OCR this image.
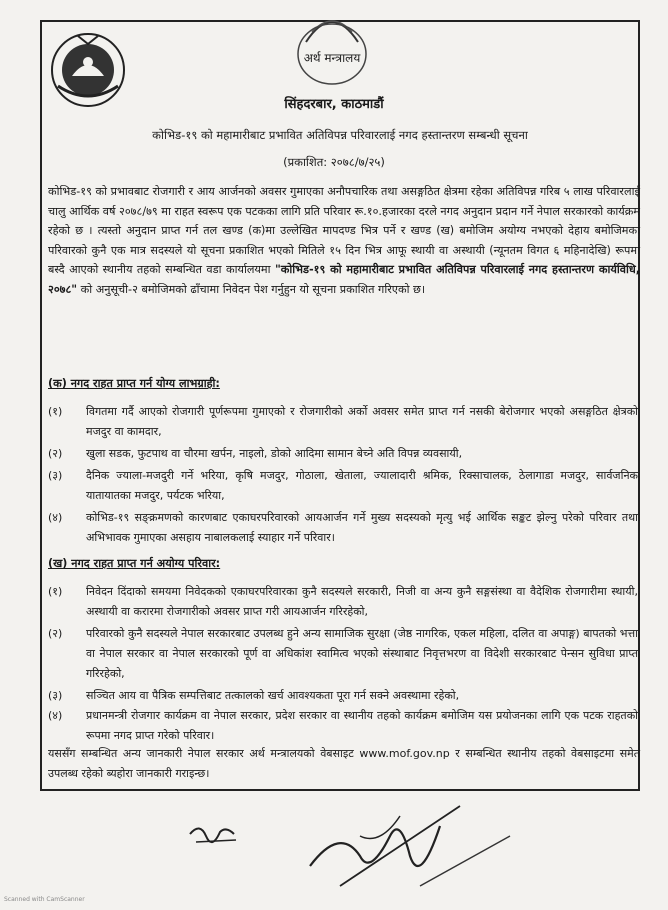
अर्थ मन्त्रालय
सिंहदरबार, काठमाडौं
कोभिड-१९ को महामारीबाट प्रभावित अतिविपन्न परिवारलाई नगद हस्तान्तरण सम्बन्धी सूचना
(प्रकाशित: २०७८/७/२५)
कोभिड-१९ को प्रभावबाट रोजगारी र आय आर्जनको अवसर गुमाएका अनौपचारिक तथा असङ्गठित क्षेत्रमा रहेका अतिविपन्न गरिब ५ लाख परिवारलाई चालु आर्थिक वर्ष २०७८/७९ मा राहत स्वरूप एक पटकका लागि प्रति परिवार रू.१०.हजारका दरले नगद अनुदान प्रदान गर्ने नेपाल सरकारको कार्यक्रम रहेको छ । त्यस्तो अनुदान प्राप्त गर्न तल खण्ड (क)मा उल्लेखित मापदण्ड भित्र पर्ने र खण्ड (ख) बमोजिम अयोग्य नभएको देहाय बमोजिमका परिवारको कुनै एक मात्र सदस्यले यो सूचना प्रकाशित भएको मितिले १५ दिन भित्र आफू स्थायी वा अस्थायी (न्यूनतम विगत ६ महिनादेखि) रूपमा बस्दै आएको स्थानीय तहको सम्बन्धित वडा कार्यालयमा "कोभिड-१९ को महामारीबाट प्रभावित अतिविपन्न परिवारलाई नगद हस्तान्तरण कार्यविधि, २०७८" को अनुसूची-२ बमोजिमको ढाँचामा निवेदन पेश गर्नुहुन यो सूचना प्रकाशित गरिएको छ।
(क) नगद राहत प्राप्त गर्न योग्य लाभग्राही:
(१)	विगतमा गर्दै आएको रोजगारी पूर्णरूपमा गुमाएको र रोजगारीको अर्को अवसर समेत प्राप्त गर्न नसकी बेरोजगार भएको असङ्गठित क्षेत्रको मजदुर वा कामदार,
(२)	खुला सडक, फुटपाथ वा चौरमा खर्पन, नाइलो, डोको आदिमा सामान बेच्ने अति विपन्न व्यवसायी,
(३)	दैनिक ज्याला-मजदुरी गर्ने भरिया, कृषि मजदुर, गोठाला, खेताला, ज्यालादारी श्रमिक, रिक्साचालक, ठेलागाडा मजदुर, सार्वजनिक यातायातका मजदुर, पर्यटक भरिया,
(४)	कोभिड-१९ सङ्क्रमणको कारणबाट एकाघरपरिवारको आयआर्जन गर्ने मुख्य सदस्यको मृत्यु भई आर्थिक सङ्कट झेल्नु परेको परिवार तथा अभिभावक गुमाएका असहाय नाबालकलाई स्याहार गर्ने परिवार।
(ख) नगद राहत प्राप्त गर्न अयोग्य परिवार:
(१)	निवेदन दिंदाको समयमा निवेदकको एकाघरपरिवारका कुनै सदस्यले सरकारी, निजी वा अन्य कुनै सङ्गसंस्था वा वैदेशिक रोजगारीमा स्थायी, अस्थायी वा करारमा रोजगारीको अवसर प्राप्त गरी आयआर्जन गरिरहेको,
(२)	परिवारको कुनै सदस्यले नेपाल सरकारबाट उपलब्ध हुने अन्य सामाजिक सुरक्षा (जेष्ठ नागरिक, एकल महिला, दलित वा अपाङ्ग) बापतको भत्ता वा नेपाल सरकार वा नेपाल सरकारको पूर्ण वा अधिकांश स्वामित्व भएको संस्थाबाट निवृत्तभरण वा विदेशी सरकारबाट पेन्सन सुविधा प्राप्त गरिरहेको,
(३)	सञ्चित आय वा पैत्रिक सम्पत्तिबाट तत्कालको खर्च आवश्यकता पूरा गर्न सक्ने अवस्थामा रहेको,
(४)	प्रधानमन्त्री रोजगार कार्यक्रम वा नेपाल सरकार, प्रदेश सरकार वा स्थानीय तहको कार्यक्रम बमोजिम यस प्रयोजनका लागि एक पटक राहतको रूपमा नगद प्राप्त गरेको परिवार।
यससँग सम्बन्धित अन्य जानकारी नेपाल सरकार अर्थ मन्त्रालयको वेबसाइट www.mof.gov.np र सम्बन्धित स्थानीय तहको वेबसाइटमा समेत उपलब्ध रहेको ब्यहोरा जानकारी गराइन्छ।
Scanned with CamScanner
